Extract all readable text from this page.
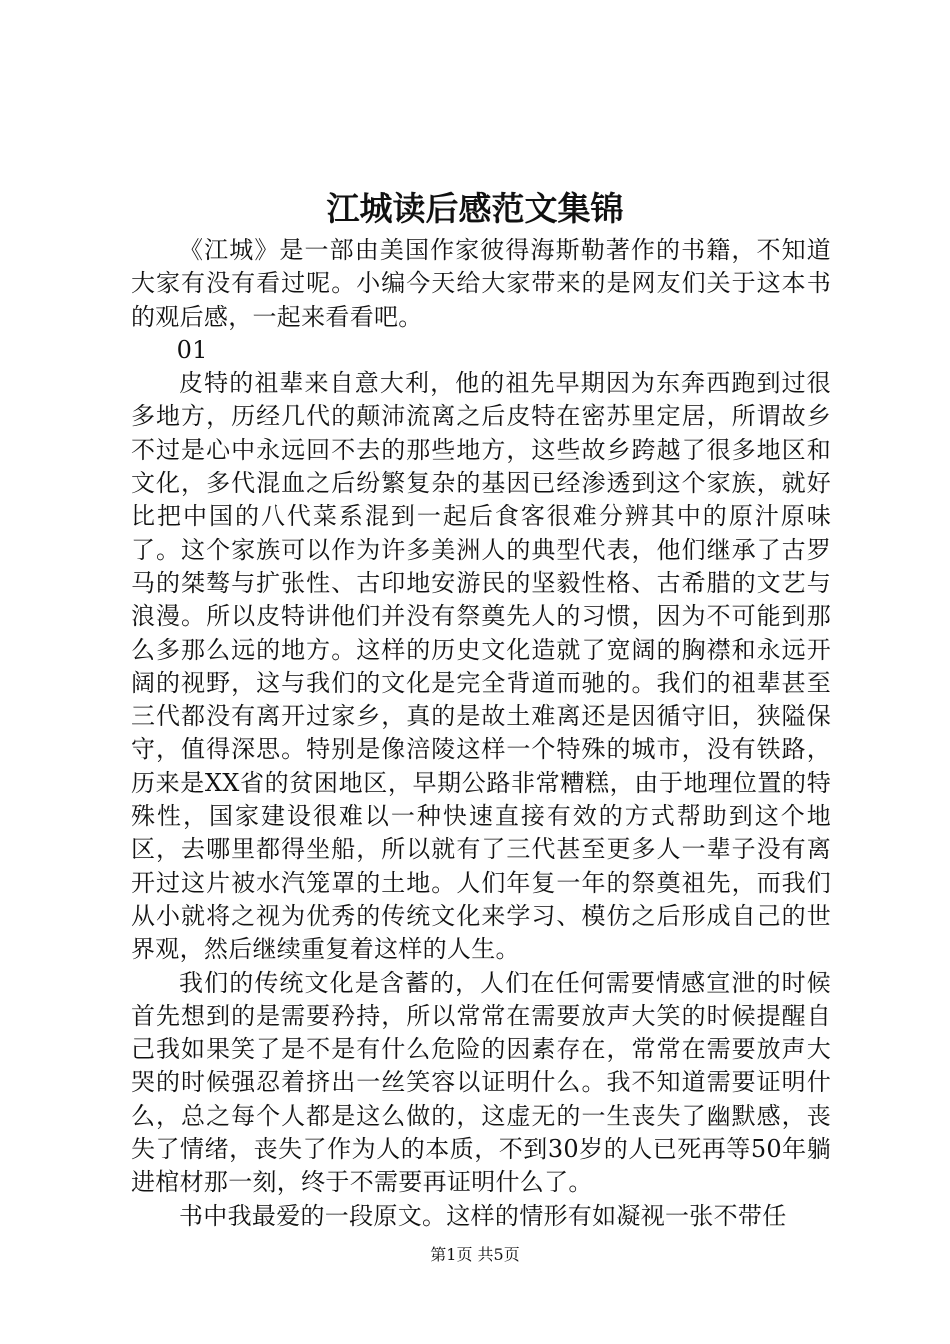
江城读后感范文集锦

《江城》是一部由美国作家彼得海斯勒著作的书籍，不知道大家有没有看过呢。小编今天给大家带来的是网友们关于这本书的观后感，一起来看看吧。

01

皮特的祖辈来自意大利，他的祖先早期因为东奔西跑到过很多地方，历经几代的颠沛流离之后皮特在密苏里定居，所谓故乡不过是心中永远回不去的那些地方，这些故乡跨越了很多地区和文化，多代混血之后纷繁复杂的基因已经渗透到这个家族，就好比把中国的八代菜系混到一起后食客很难分辨其中的原汁原味了。这个家族可以作为许多美洲人的典型代表，他们继承了古罗马的桀骜与扩张性、古印地安游民的坚毅性格、古希腊的文艺与浪漫。所以皮特讲他们并没有祭奠先人的习惯，因为不可能到那么多那么远的地方。这样的历史文化造就了宽阔的胸襟和永远开阔的视野，这与我们的文化是完全背道而驰的。我们的祖辈甚至三代都没有离开过家乡，真的是故土难离还是因循守旧，狭隘保守，值得深思。特别是像涪陵这样一个特殊的城市，没有铁路，历来是XX省的贫困地区，早期公路非常糟糕，由于地理位置的特殊性，国家建设很难以一种快速直接有效的方式帮助到这个地区，去哪里都得坐船，所以就有了三代甚至更多人一辈子没有离开过这片被水汽笼罩的土地。人们年复一年的祭奠祖先，而我们从小就将之视为优秀的传统文化来学习、模仿之后形成自己的世界观，然后继续重复着这样的人生。

我们的传统文化是含蓄的，人们在任何需要情感宣泄的时候首先想到的是需要矜持，所以常常在需要放声大笑的时候提醒自己我如果笑了是不是有什么危险的因素存在，常常在需要放声大哭的时候强忍着挤出一丝笑容以证明什么。我不知道需要证明什么，总之每个人都是这么做的，这虚无的一生丧失了幽默感，丧失了情绪，丧失了作为人的本质，不到30岁的人已死再等50年躺进棺材那一刻，终于不需要再证明什么了。

书中我最爱的一段原文。这样的情形有如凝视一张不带任

第1页 共5页
